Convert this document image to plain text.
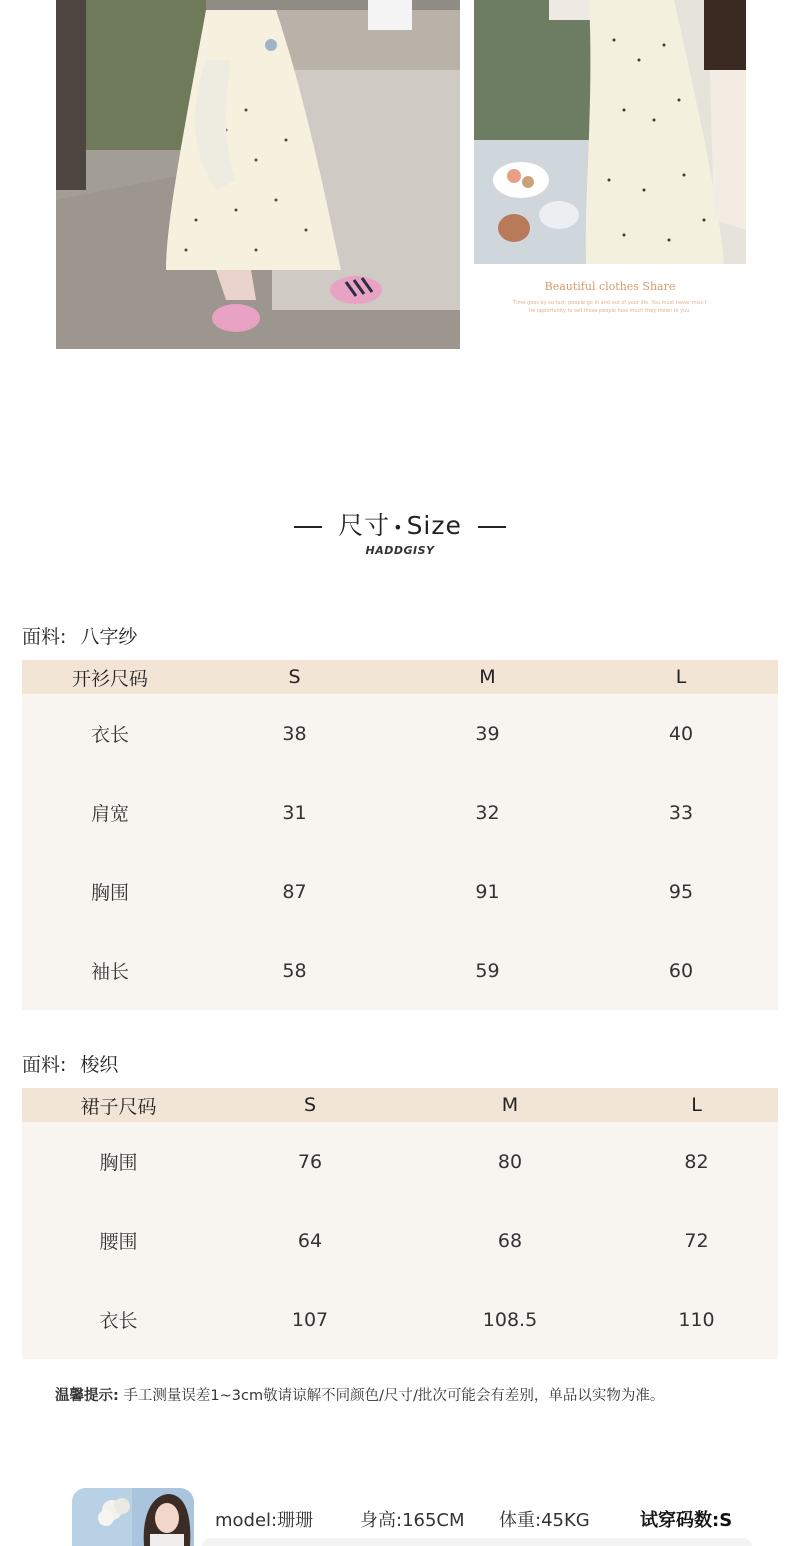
Beautiful clothes Share
Time goes by so fast, people go in and out of your life. You must never miss t
he opportunity to tell those people how much they mean to you.
尺寸 • Size
HADDGISY
面料: 八字纱
开衫尺码	S	M	L
衣长	38	39	40
肩宽	31	32	33
胸围	87	91	95
袖长	58	59	60
面料: 梭织
裙子尺码	S	M	L
胸围	76	80	82
腰围	64	68	72
衣长	107	108.5	110
温馨提示: 手工测量误差1~3cm敬请谅解不同颜色/尺寸/批次可能会有差别，单品以实物为准。
model:珊珊	身高:165CM 体重:45KG	试穿码数:S
